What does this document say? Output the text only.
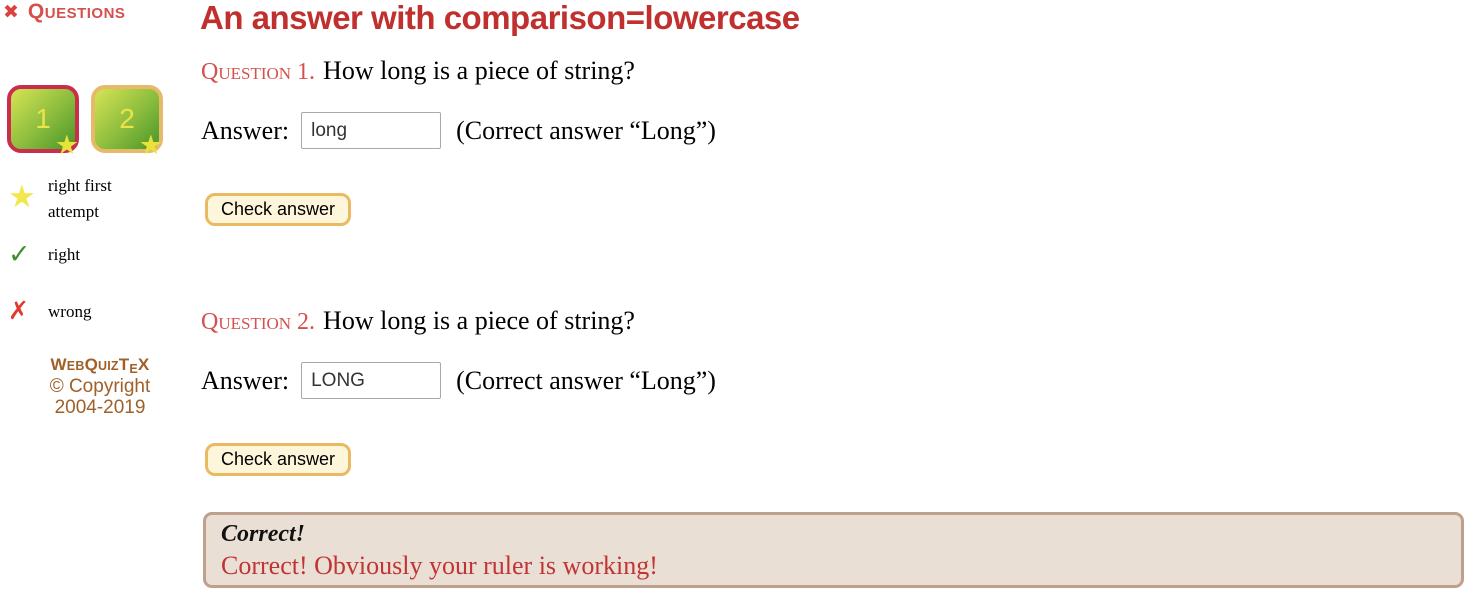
✖ Questions
1
★
2
★
★ right first attempt
✓	right
✗	wrong
WEBQUIZTEX
© Copyright
2004-2019
An answer with comparison=lowercase
Question 1. How long is a piece of string?
Answer:
long	(Correct answer “Long”)
Check answer
Question 2. How long is a piece of string?
Answer:
LONG	(Correct answer “Long”)
Check answer
Correct!
Correct! Obviously your ruler is working!
